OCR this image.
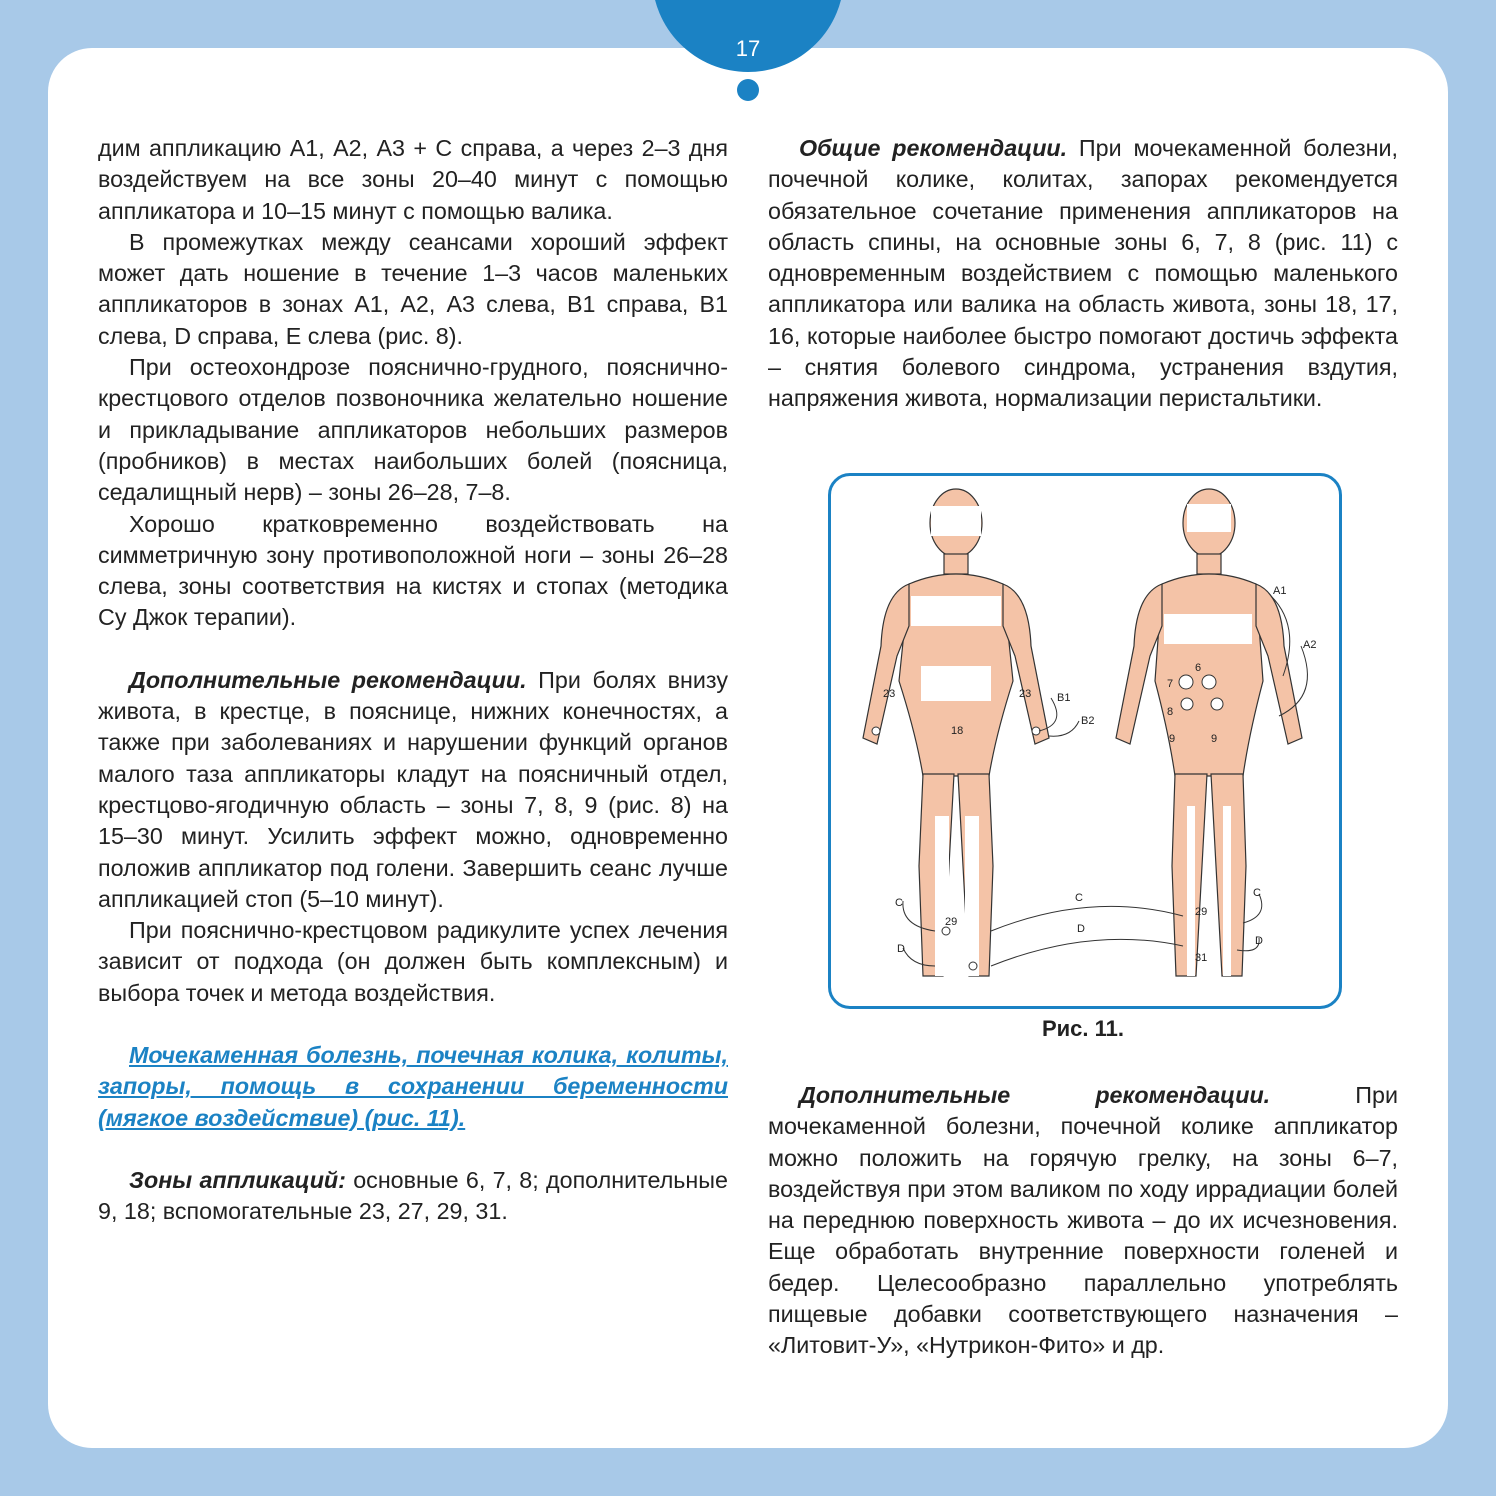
17

дим аппликацию А1, А2, А3 + С справа, а через 2–3 дня воздействуем на все зоны 20–40 минут с помощью аппликатора и 10–15 минут с помощью валика.

В промежутках между сеансами хороший эффект может дать ношение в течение 1–3 часов маленьких аппликаторов в зонах А1, А2, А3 слева, В1 справа, В1 слева, D справа, Е слева (рис. 8).

При остеохондрозе пояснично-грудного, пояснично-крестцового отделов позвоночника желательно ношение и прикладывание аппликаторов небольших размеров (пробников) в местах наибольших болей (поясница, седалищный нерв) – зоны 26–28, 7–8.

Хорошо кратковременно воздействовать на симметричную зону противоположной ноги – зоны 26–28 слева, зоны соответствия на кистях и стопах (методика Су Джок терапии).

Дополнительные рекомендации. При болях внизу живота, в крестце, в пояснице, нижних конечностях, а также при заболеваниях и нарушении функций органов малого таза аппликаторы кладут на поясничный отдел, крестцово-ягодичную область – зоны 7, 8, 9 (рис. 8) на 15–30 минут. Усилить эффект можно, одновременно положив аппликатор под голени. Завершить сеанс лучше аппликацией стоп (5–10 минут).

При пояснично-крестцовом радикулите успех лечения зависит от подхода (он должен быть комплексным) и выбора точек и метода воздействия.

Мочекаменная болезнь, почечная колика, колиты, запоры, помощь в сохранении беременности (мягкое воздействие) (рис. 11).

Зоны аппликаций: основные 6, 7, 8; дополнительные 9, 18; вспомогательные 23, 27, 29, 31.

Общие рекомендации. При мочекаменной болезни, почечной колике, колитах, запорах рекомендуется обязательное сочетание применения аппликаторов на область спины, на основные зоны 6, 7, 8 (рис. 11) с одновременным воздействием с помощью маленького аппликатора или валика на область живота, зоны 18, 17, 16, которые наиболее быстро помогают достичь эффекта – снятия болевого синдрома, устранения вздутия, напряжения живота, нормализации перистальтики.

23	23
18
B1
B2
A1
A2
6
7
8
9	9
C
D
C
D
C
D
29
29
31
Рис. 11.

Дополнительные рекомендации. При мочекаменной болезни, почечной колике аппликатор можно положить на горячую грелку, на зоны 6–7, воздействуя при этом валиком по ходу иррадиации болей на переднюю поверхность живота – до их исчезновения. Еще обработать внутренние поверхности голеней и бедер. Целесообразно параллельно употреблять пищевые добавки соответствующего назначения – «Литовит-У», «Нутрикон-Фито» и др.
